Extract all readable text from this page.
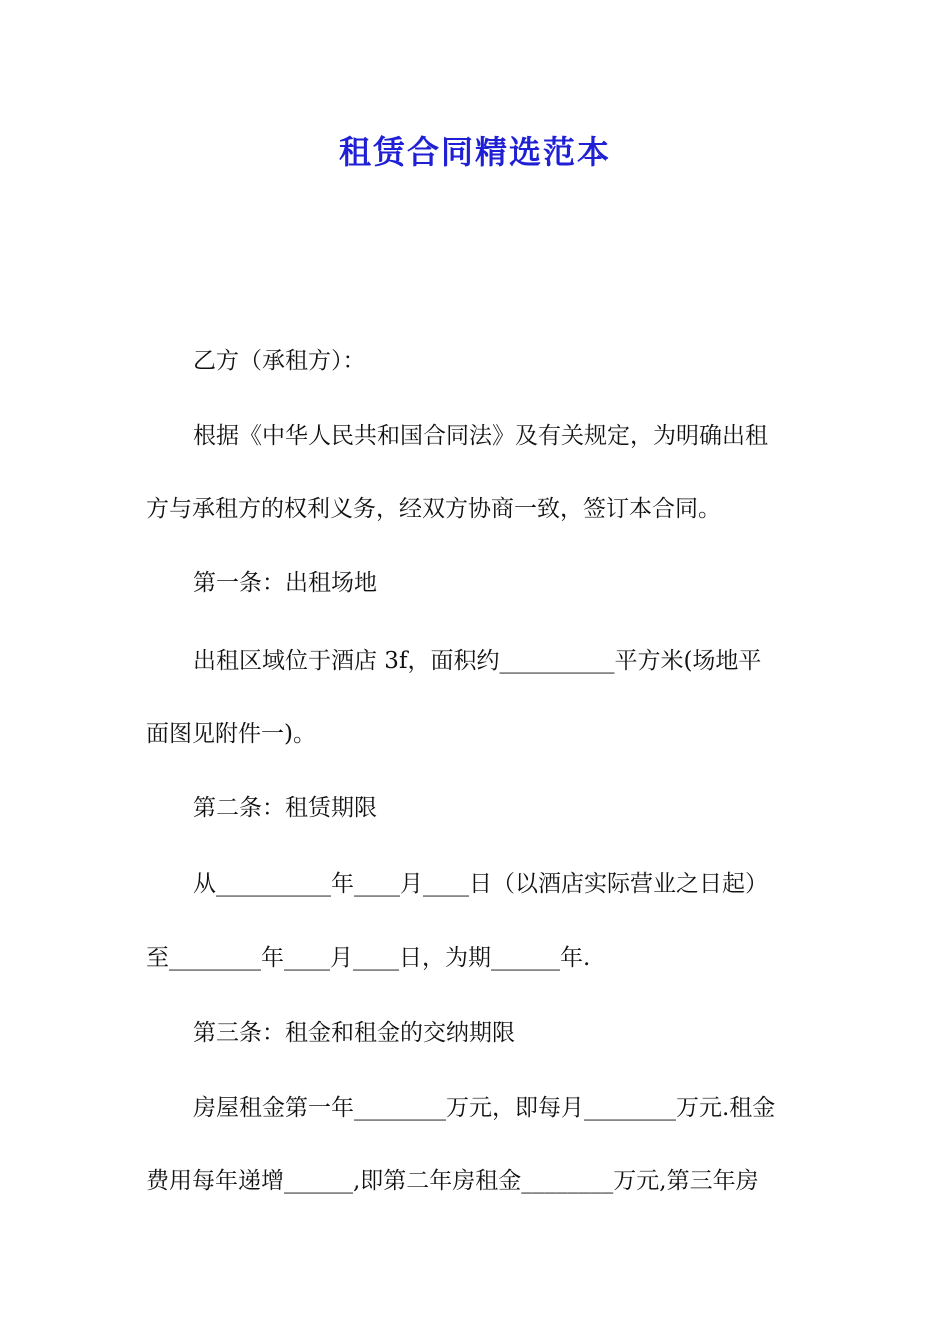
租赁合同精选范本
乙方（承租方）：
根据《中华人民共和国合同法》及有关规定，为明确出租
方与承租方的权利义务，经双方协商一致，签订本合同。
第一条：出租场地
出租区域位于酒店 3f，面积约__________平方米(场地平
面图见附件一)。
第二条：租赁期限
从__________年____月____日（以酒店实际营业之日起）
至________年____月____日，为期______年.
第三条：租金和租金的交纳期限
房屋租金第一年________万元，即每月________万元.租金
费用每年递增______,即第二年房租金________万元,第三年房
